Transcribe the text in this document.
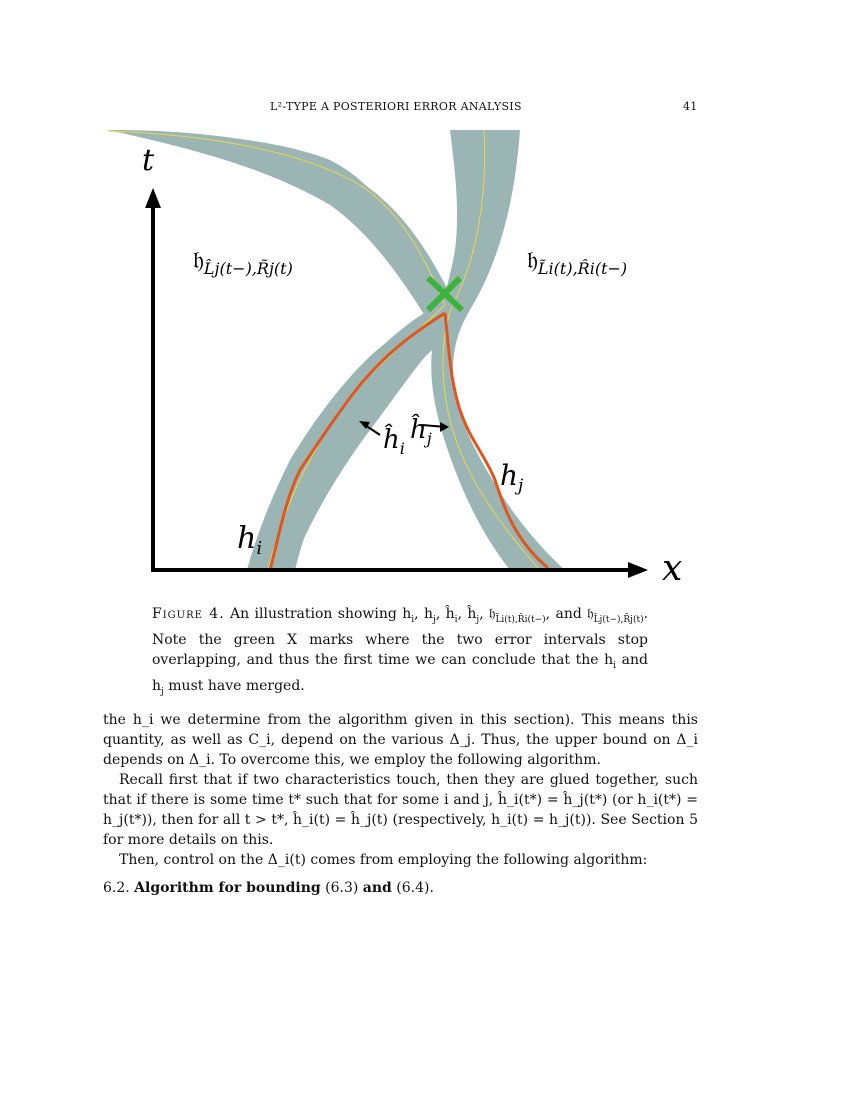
L²-TYPE A POSTERIORI ERROR ANALYSIS	41
t
x
$h_i$
$h_j$
$ĥ_i$
$ĥ_j$
𝔥$_{L̂j(t-),R̃j(t)}$	𝔥$_{L̃i(t),R̂i(t-)}$
Figure 4. An illustration showing $h_i$, $h_j$, $ĥ_i$, $ĥ_j$, 𝔥$_{L̃i(t),R̂i(t-)}$, and 𝔥$_{L̂j(t-),R̃j(t)}$. Note the green X marks where the two error intervals stop overlapping, and thus the first time we can conclude that the $h_i$ and $h_j$ must have merged.

the h_i we determine from the algorithm given in this section). This means this quantity, as well as C_i, depend on the various Δ_j. Thus, the upper bound on Δ_i depends on Δ_i. To overcome this, we employ the following algorithm.

Recall first that if two characteristics touch, then they are glued together, such that if there is some time t* such that for some i and j, ĥ_i(t*) = ĥ_j(t*) (or h_i(t*) = h_j(t*)), then for all t > t*, ĥ_i(t) = ĥ_j(t) (respectively, h_i(t) = h_j(t)). See Section 5 for more details on this.

Then, control on the Δ_i(t) comes from employing the following algorithm:

6.2. Algorithm for bounding (6.3) and (6.4).
